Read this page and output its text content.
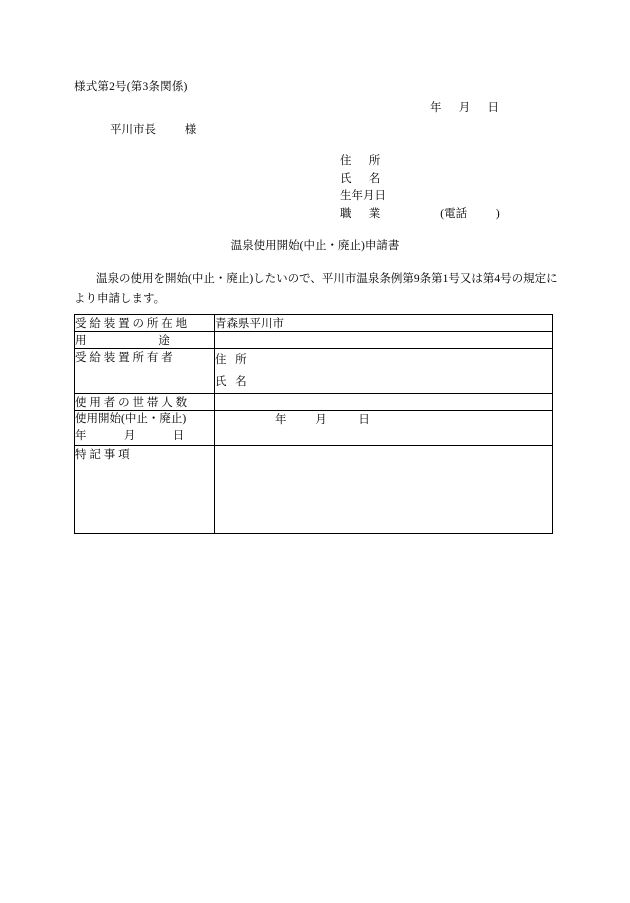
様式第2号(第3条関係)
年      月      日
平川市長          様
住      所
氏      名
生年月日
職      業	(電話          )
温泉使用開始(中止・廃止)申請書
温泉の使用を開始(中止・廃止)したいので、平川市温泉条例第9条第1号又は第4号の規定により申請します。
受 給 装 置 の 所 在 地	青森県平川市
用                         途	
受 給 装 置 所 有 者	住   所
氏   名

使 用 者 の 世 帯 人 数	

使用開始(中止・廃止)
年             月             日	年          月           日

特 記 事 項	
